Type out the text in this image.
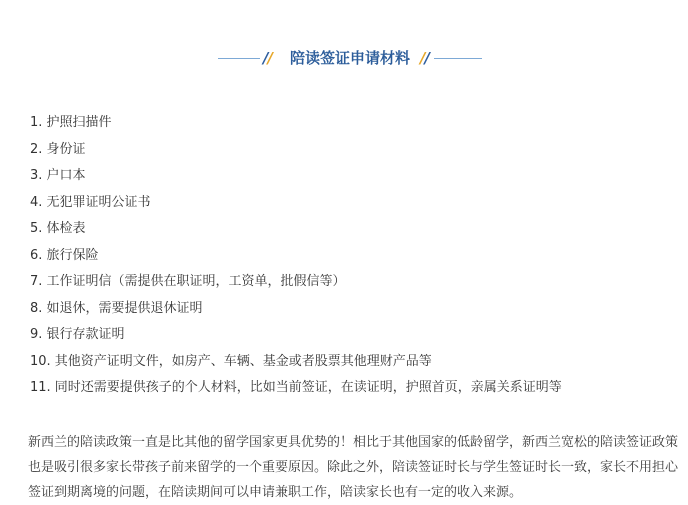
//	陪读签证申请材料 //
1. 护照扫描件
2. 身份证
3. 户口本
4. 无犯罪证明公证书
5. 体检表
6. 旅行保险
7. 工作证明信（需提供在职证明，工资单，批假信等）
8. 如退休，需要提供退休证明
9. 银行存款证明
10. 其他资产证明文件，如房产、车辆、基金或者股票其他理财产品等
11. 同时还需要提供孩子的个人材料，比如当前签证，在读证明，护照首页，亲属关系证明等

新西兰的陪读政策一直是比其他的留学国家更具优势的！相比于其他国家的低龄留学，新西兰宽松的陪读签证政策也是吸引很多家长带孩子前来留学的一个重要原因。除此之外，陪读签证时长与学生签证时长一致，家长不用担心签证到期离境的问题，在陪读期间可以申请兼职工作，陪读家长也有一定的收入来源。
